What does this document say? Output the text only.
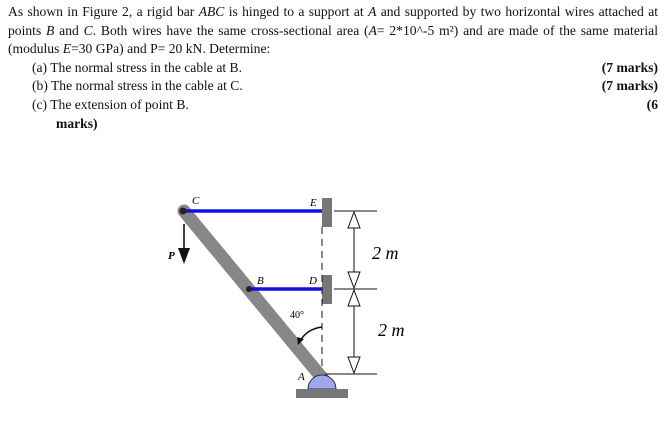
As shown in Figure 2, a rigid bar ABC is hinged to a support at A and supported by two horizontal wires attached at points B and C. Both wires have the same cross-sectional area (A= 2*10^-5 m²) and are made of the same material (modulus E=30 GPa) and P= 20 kN. Determine:

(a) The normal stress in the cable at B.	(7 marks)
(b) The normal stress in the cable at C.	(7 marks)
(c) The extension of point B.	(6
marks)
C	E
P
B	D
A
40°
2 m
2 m
